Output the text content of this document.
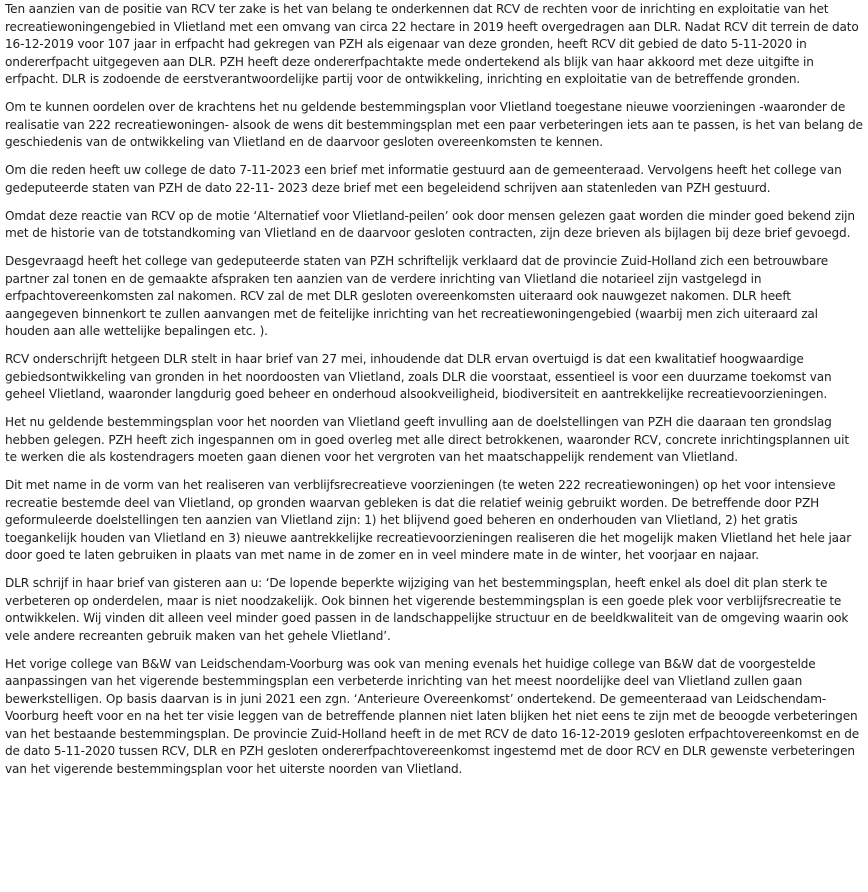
Ten aanzien van de positie van RCV ter zake is het van belang te onderkennen dat RCV de rechten voor de inrichting en exploitatie van het recreatiewoningengebied in Vlietland met een omvang van circa 22 hectare in 2019 heeft overgedragen aan DLR. Nadat RCV dit terrein de dato 16-12-2019 voor 107 jaar in erfpacht had gekregen van PZH als eigenaar van deze gronden, heeft RCV dit gebied de dato 5-11-2020 in ondererfpacht uitgegeven aan DLR. PZH heeft deze ondererfpachtakte mede ondertekend als blijk van haar akkoord met deze uitgifte in erfpacht. DLR is zodoende de eerstverantwoordelijke partij voor de ontwikkeling, inrichting en exploitatie van de betreffende gronden.

Om te kunnen oordelen over de krachtens het nu geldende bestemmingsplan voor Vlietland toegestane nieuwe voorzieningen -waaronder de realisatie van 222 recreatiewoningen- alsook de wens dit bestemmingsplan met een paar verbeteringen iets aan te passen, is het van belang de geschiedenis van de ontwikkeling van Vlietland en de daarvoor gesloten overeenkomsten te kennen.

Om die reden heeft uw college de dato 7-11-2023 een brief met informatie gestuurd aan de gemeenteraad. Vervolgens heeft het college van gedeputeerde staten van PZH de dato 22-11- 2023 deze brief met een begeleidend schrijven aan statenleden van PZH gestuurd.

Omdat deze reactie van RCV op de motie ‘Alternatief voor Vlietland-peilen’ ook door mensen gelezen gaat worden die minder goed bekend zijn met de historie van de totstandkoming van Vlietland en de daarvoor gesloten contracten, zijn deze brieven als bijlagen bij deze brief gevoegd.

Desgevraagd heeft het college van gedeputeerde staten van PZH schriftelijk verklaard dat de provincie Zuid-Holland zich een betrouwbare partner zal tonen en de gemaakte afspraken ten aanzien van de verdere inrichting van Vlietland die notarieel zijn vastgelegd in erfpachtovereenkomsten zal nakomen. RCV zal de met DLR gesloten overeenkomsten uiteraard ook nauwgezet nakomen. DLR heeft aangegeven binnenkort te zullen aanvangen met de feitelijke inrichting van het recreatiewoningengebied (waarbij men zich uiteraard zal houden aan alle wettelijke bepalingen etc. ).

RCV onderschrijft hetgeen DLR stelt in haar brief van 27 mei, inhoudende dat DLR ervan overtuigd is dat een kwalitatief hoogwaardige gebiedsontwikkeling van gronden in het noordoosten van Vlietland, zoals DLR die voorstaat, essentieel is voor een duurzame toekomst van geheel Vlietland, waaronder langdurig goed beheer en onderhoud alsookveiligheid, biodiversiteit en aantrekkelijke recreatievoorzieningen.

Het nu geldende bestemmingsplan voor het noorden van Vlietland geeft invulling aan de doelstellingen van PZH die daaraan ten grondslag hebben gelegen. PZH heeft zich ingespannen om in goed overleg met alle direct betrokkenen, waaronder RCV, concrete inrichtingsplannen uit te werken die als kostendragers moeten gaan dienen voor het vergroten van het maatschappelijk rendement van Vlietland.

Dit met name in de vorm van het realiseren van verblijfsrecreatieve voorzieningen (te weten 222 recreatiewoningen) op het voor intensieve recreatie bestemde deel van Vlietland, op gronden waarvan gebleken is dat die relatief weinig gebruikt worden. De betreffende door PZH geformuleerde doelstellingen ten aanzien van Vlietland zijn: 1) het blijvend goed beheren en onderhouden van Vlietland, 2) het gratis toegankelijk houden van Vlietland en 3) nieuwe aantrekkelijke recreatievoorzieningen realiseren die het mogelijk maken Vlietland het hele jaar door goed te laten gebruiken in plaats van met name in de zomer en in veel mindere mate in de winter, het voorjaar en najaar.

DLR schrijf in haar brief van gisteren aan u: ‘De lopende beperkte wijziging van het bestemmingsplan, heeft enkel als doel dit plan sterk te verbeteren op onderdelen, maar is niet noodzakelijk. Ook binnen het vigerende bestemmingsplan is een goede plek voor verblijfsrecreatie te ontwikkelen. Wij vinden dit alleen veel minder goed passen in de landschappelijke structuur en de beeldkwaliteit van de omgeving waarin ook vele andere recreanten gebruik maken van het gehele Vlietland’.

Het vorige college van B&W van Leidschendam-Voorburg was ook van mening evenals het huidige college van B&W dat de voorgestelde aanpassingen van het vigerende bestemmingsplan een verbeterde inrichting van het meest noordelijke deel van Vlietland zullen gaan bewerkstelligen. Op basis daarvan is in juni 2021 een zgn. ‘Anterieure Overeenkomst’ ondertekend. De gemeenteraad van Leidschendam-Voorburg heeft voor en na het ter visie leggen van de betreffende plannen niet laten blijken het niet eens te zijn met de beoogde verbeteringen van het bestaande bestemmingsplan. De provincie Zuid-Holland heeft in de met RCV de dato 16-12-2019 gesloten erfpachtovereenkomst en de de dato 5-11-2020 tussen RCV, DLR en PZH gesloten ondererfpachtovereenkomst ingestemd met de door RCV en DLR gewenste verbeteringen van het vigerende bestemmingsplan voor het uiterste noorden van Vlietland.
